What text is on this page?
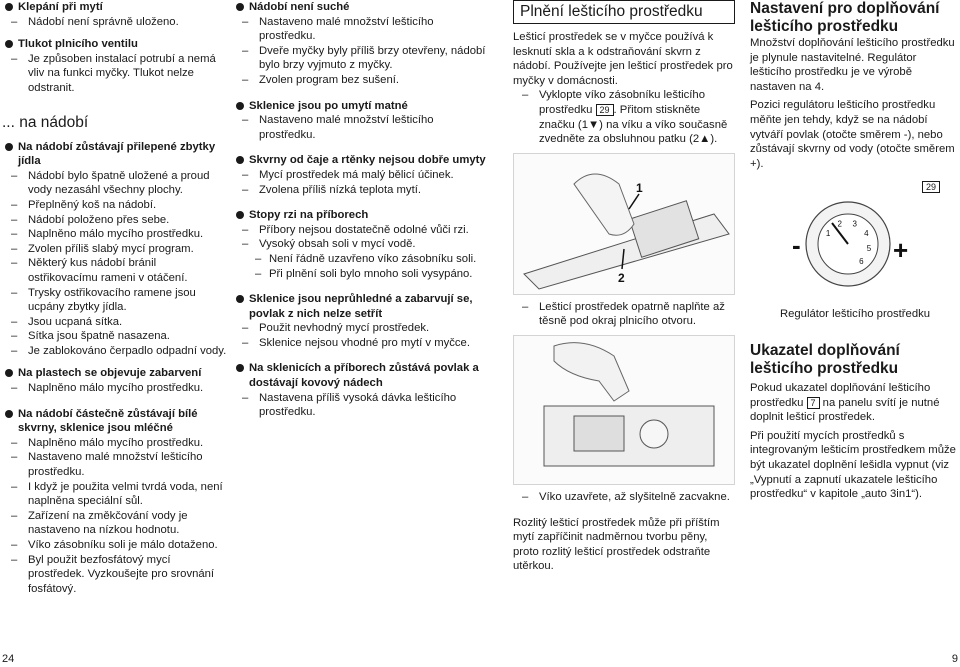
Klepání při mytí
– Nádobí není správně uloženo.
Tlukot plnicího ventilu
– Je způsoben instalací potrubí a nemá vliv na funkci myčky. Tlukot nelze odstranit.
... na nádobí
Na nádobí zůstávají přilepené zbytky jídla
– Nádobí bylo špatně uložené a proud vody nezasáhl všechny plochy.
– Přeplněný koš na nádobí.
– Nádobí položeno přes sebe.
– Naplněno málo mycího prostředku.
– Zvolen příliš slabý mycí program.
– Některý kus nádobí bránil ostřikovacímu rameni v otáčení.
– Trysky ostřikovacího ramene jsou ucpány zbytky jídla.
– Jsou ucpaná sítka.
– Sítka jsou špatně nasazena.
– Je zablokováno čerpadlo odpadní vody.
Na plastech se objevuje zabarvení
– Naplněno málo mycího prostředku.
Na nádobí částečně zůstávají bílé skvrny, sklenice jsou mléčné
– Naplněno málo mycího prostředku.
– Nastaveno malé množství lešticího prostředku.
– I když je použita velmi tvrdá voda, není naplněna speciální sůl.
– Zařízení na změkčování vody je nastaveno na nízkou hodnotu.
– Víko zásobníku soli je málo dotaženo.
– Byl použit bezfosfátový mycí prostředek. Vyzkoušejte pro srovnání fosfátový.
Nádobí není suché
– Nastaveno malé množství lešticího prostředku.
– Dveře myčky byly příliš brzy otevřeny, nádobí bylo brzy vyjmuto z myčky.
– Zvolen program bez sušení.
Sklenice jsou po umytí matné
– Nastaveno malé množství lešticího prostředku.
Skvrny od čaje a rtěnky nejsou dobře umyty
– Mycí prostředek má malý bělicí účinek.
– Zvolena příliš nízká teplota mytí.
Stopy rzi na příborech
– Příbory nejsou dostatečně odolné vůči rzi.
– Vysoký obsah soli v mycí vodě.
– Není řádně uzavřeno víko zásobníku soli.
– Při plnění soli bylo mnoho soli vysypáno.
Sklenice jsou neprůhledné a zabarvují se, povlak z nich nelze setřít
– Použit nevhodný mycí prostředek.
– Sklenice nejsou vhodné pro mytí v myčce.
Na sklenicích a příborech zůstává povlak a dostávají kovový nádech
– Nastavena příliš vysoká dávka lešticího prostředku.
Plnění lešticího prostředku
Lešticí prostředek se v myčce používá k lesknutí skla a k odstraňování skvrn z nádobí. Používejte jen lešticí prostředek pro myčky v domácnosti.
– Vyklopte víko zásobníku lešticího prostředku 29 . Přitom stiskněte značku (1▼) na víku a víko současně zvedněte za obsluhnou patku (2▲).
1
2
– Lešticí prostředek opatrně naplňte až těsně pod okraj plnicího otvoru.
– Víko uzavřete, až slyšitelně zacvakne.
Rozlitý lešticí prostředek může při příštím mytí zapříčinit nadměrnou tvorbu pěny, proto rozlitý lešticí prostředek odstraňte utěrkou.
Nastavení pro doplňování lešticího prostředku
Množství doplňování lešticího prostředku je plynule nastavitelné. Regulátor lešticího prostředku je ve výrobě nastaven na 4.
Pozici regulátoru lešticího prostředku měňte jen tehdy, když se na nádobí vytváří povlak (otočte směrem -), nebo zůstávají skvrny od vody (otočte směrem +).
29
1
2 3
4
5
6
-	+
Regulátor lešticího prostředku
Ukazatel doplňování lešticího prostředku
Pokud ukazatel doplňování lešticího prostředku 7 na panelu svítí je nutné doplnit lešticí prostředek.
Při použití mycích prostředků s integrovaným lešticím prostředkem může být ukazatel doplnění lešidla vypnut (viz „Vypnutí a zapnutí ukazatele lešticího prostředku“ v kapitole „auto 3in1“).
24	9
